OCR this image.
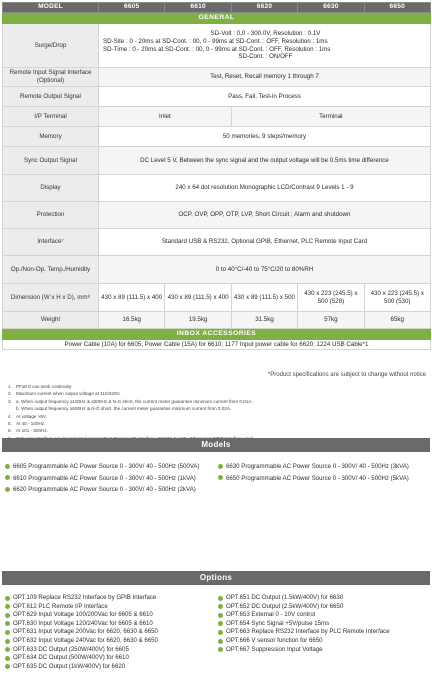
MODEL	6605	6610	6620	6630	6650
GENERAL					
Surge/Drop	SD-Volt : 0.0 - 300.0V, Resolution : 0.1V
SD-Site : 0 - 20ms at SD-Cont. : 00, 0 - 99ms at SD-Cont. : OFF, Resolution : 1ms
SD-Time : 0 - 20ms at SD-Cont. : 00, 0 - 99ms at SD-Cont. : OFF, Resolution : 1ms
SD-Cont. : ON/OFF				

Remote Input Signal Interface (Optional)	Test, Reset, Recall memory 1 through 7				
Remote Output Signal	Pass, Fail, Test-in Process				
I/P Terminal	Inlet		Terminal		
Memory	50 memories, 9 steps/memory				
Sync Output Signal	DC Level 5 V, Between the sync signal and the output voltage will be 0.5ms time difference				
Display	240 x 64 dot resolution Monographic LCD/Contrast 9 Levels 1 - 9				
Protection	OCP, OVP, OPP, OTP, LVP, Short Circuit ; Alarm and shutdown				
Interface⁷	Standard USB & RS232, Optional GPIB, Ethernet, PLC Remote Input Card				
Op./Non-Op. Temp./Humidity	0 to 40°C/-40 to 75°C/20 to 80%RH				
Dimension (W x H x D), mm⁸	430 x 89 (111.5) x 400	430 x 89 (111.5) x 400	430 x 89 (111.5) x 500	430 x 223 (245.5) x 500 (528)	430 x 223 (245.5) x 500 (530)
Weight	16.5kg	19.5kg	31.5kg	57kg	65kg
INBOX ACCESSORIES					
Power Cable (10A) for 6605; Power Cable (15A) for 6610; 1177 Input power cable for 6620; 1224 USB Cable*1					
*Product specifications are subject to change without notice
1. PF≥0.8 can work continuity.
2. Maximum current when output voltage at 110/220V.
3. a. When output frequency ≥100Hz & ≤500Hz & N-G short, the current meter guarantee minimum current from 0.01A.
b. When output frequency ≥500Hz & N-G short, the current meter guarantee minimum current from 0.02A.
4. At voltage >5V.
5. At 40 - 100Hz.
6. At 101 - 500Hz.
Models
6605 Programmable AC Power Source 0 - 300V/ 40 - 500Hz (500VA)
6610 Programmable AC Power Source 0 - 300V/ 40 - 500Hz (1kVA)
6620 Programmable AC Power Source 0 - 300V/ 40 - 500Hz (2kVA)
6630 Programmable AC Power Source 0 - 300V/ 40 - 500Hz (3kVA)
6650 Programmable AC Power Source 0 - 300V/ 40 - 500Hz (5kVA)
Options
OPT.109 Replace RS232 Interface by GPIB Interface
OPT.612 PLC Remote I/P Interface
OPT.629 Input Voltage 100/200Vac for 6605 & 6610
OPT.630 Input Voltage 120/240Vac for 6605 & 6610
OPT.631 Input Voltage 200Vac for 6620, 6630 & 6650
OPT.632 Input Voltage 240Vac for 6620, 6630 & 6650
OPT.633 DC Output (250W/400V) for 6605
OPT.634 DC Output (500W/400V) for 6610
OPT.635 DC Output (1kW/400V) for 6620
OPT.651 DC Output (1.5kW/400V) for 6630
OPT.652 DC Output (2.5kW/400V) for 6650
OPT.653 External 0 - 10V control
OPT.654 Sync Signal +5V/pulse 15ms
OPT.663 Replace RS232 Interface by PLC Remote Interface
OPT.666 V sensor function for 6650
OPT.667 Suppression Input Voltage
